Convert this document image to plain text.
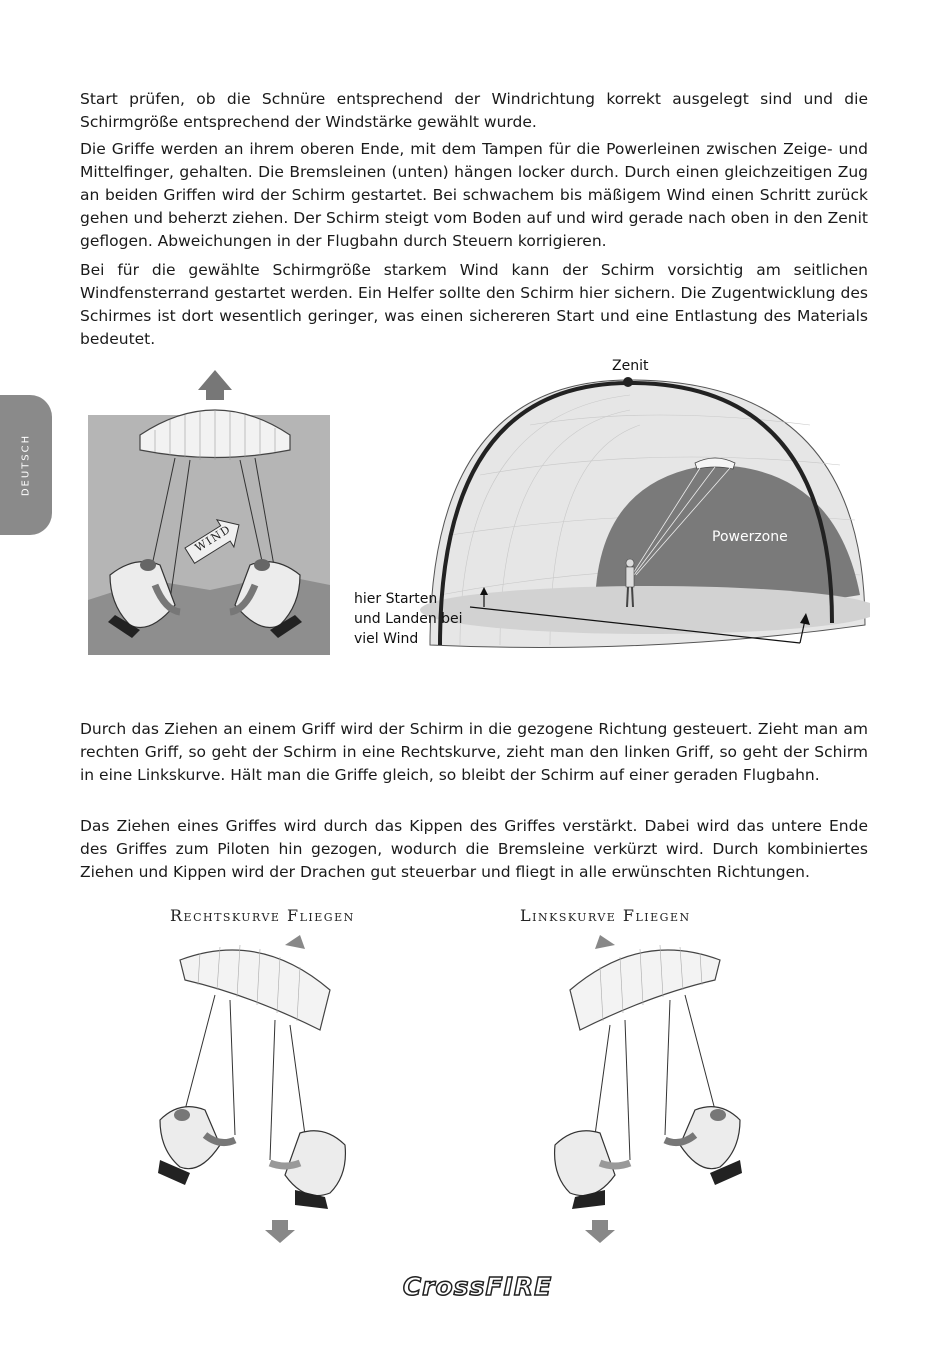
DEUTSCH

Start prüfen, ob die Schnüre entsprechend der Windrichtung korrekt ausgelegt sind und die Schirmgröße entsprechend der Windstärke gewählt wurde.

Die Griffe werden an ihrem oberen Ende, mit dem Tampen für die Powerleinen zwischen Zeige- und Mittelfinger, gehalten. Die Bremsleinen (unten) hängen locker durch. Durch einen gleichzeitigen Zug an beiden Griffen wird der Schirm gestartet. Bei schwachem bis mäßigem Wind einen Schritt zurück gehen und beherzt ziehen. Der Schirm steigt vom Boden auf und wird gerade nach oben in den Zenit geflogen. Abweichungen in der Flugbahn durch Steuern korrigieren.

Bei für die gewählte Schirmgröße starkem Wind kann der Schirm vorsichtig am seitlichen Windfensterrand gestartet werden. Ein Helfer sollte den Schirm hier sichern. Die Zugentwicklung des Schirmes ist dort wesentlich geringer, was einen sichereren Start und eine Entlastung des Materials bedeutet.

WIND
Zenit
Powerzone
hier Starten
und Landen bei
viel Wind

Durch das Ziehen an einem Griff wird der Schirm in die gezogene Richtung gesteuert. Zieht man am rechten Griff, so geht der Schirm in eine Rechtskurve, zieht man den linken Griff, so geht der Schirm in eine Linkskurve. Hält man die Griffe gleich, so bleibt der Schirm auf einer geraden Flugbahn.

Das Ziehen eines Griffes wird durch das Kippen des Griffes verstärkt. Dabei wird das untere Ende des Griffes zum Piloten hin gezogen, wodurch die Bremsleine verkürzt wird. Durch kombiniertes Ziehen und Kippen wird der Drachen gut steuerbar und fliegt in alle erwünschten Richtungen.

Rechtskurve Fliegen	Linkskurve Fliegen
CrossFIRE
